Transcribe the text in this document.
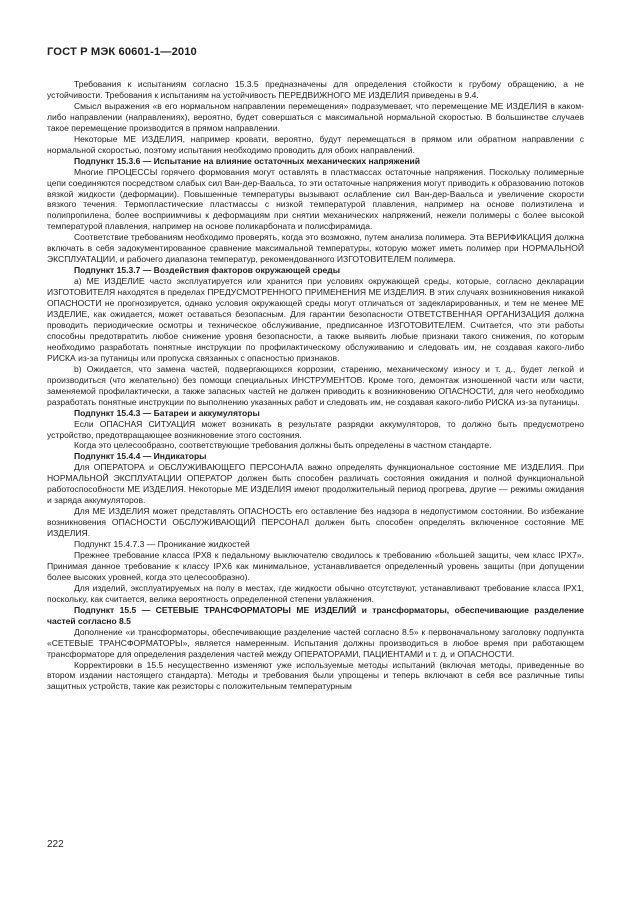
ГОСТ Р МЭК 60601-1—2010

Требования к испытаниям согласно 15.3.5 предназначены для определения стойкости к грубому обращению, а не устойчивости. Требования к испытаниям на устойчивость ПЕРЕДВИЖНОГО МЕ ИЗДЕЛИЯ приведены в 9.4.

Смысл выражения «в его нормальном направлении перемещения» подразумевает, что перемещение МЕ ИЗДЕЛИЯ в каком-либо направлении (направлениях), вероятно, будет совершаться с максимальной нормальной скоростью. В большинстве случаев такое перемещение производится в прямом направлении.

Некоторые МЕ ИЗДЕЛИЯ, например кровати, вероятно, будут перемещаться в прямом или обратном направлении с нормальной скоростью, поэтому испытания необходимо проводить для обоих направлений.

Подпункт 15.3.6 — Испытание на влияние остаточных механических напряжений

Многие ПРОЦЕССЫ горячего формования могут оставлять в пластмассах остаточные напряжения. Поскольку полимерные цепи соединяются посредством слабых сил Ван-дер-Ваальса, то эти остаточные напряжения могут приводить к образованию потоков вязкой жидкости (деформации). Повышенные температуры вызывают ослабление сил Ван-дер-Ваальса и увеличение скорости вязкого течения. Термопластические пластмассы с низкой температурой плавления, например на основе полиэтилена и полипропилена, более восприимчивы к деформациям при снятии механических напряжений, нежели полимеры с более высокой температурой плавления, например на основе поликарбоната и полисфирамида.

Соответствие требованиям необходимо проверять, когда это возможно, путем анализа полимера. Эта ВЕРИФИКАЦИЯ должна включать в себя задокументированное сравнение максимальной температуры, которую может иметь полимер при НОРМАЛЬНОЙ ЭКСПЛУАТАЦИИ, и рабочего диапазона температур, рекомендованного ИЗГОТОВИТЕЛЕМ полимера.

Подпункт 15.3.7 — Воздействия факторов окружающей среды

a) МЕ ИЗДЕЛИЕ часто эксплуатируется или хранится при условиях окружающей среды, которые, согласно декларации ИЗГОТОВИТЕЛЯ находятся в пределах ПРЕДУСМОТРЕННОГО ПРИМЕНЕНИЯ МЕ ИЗДЕЛИЯ. В этих случаях возникновения никакой ОПАСНОСТИ не прогнозируется, однако условия окружающей среды могут отличаться от задекларированных, и тем не менее МЕ ИЗДЕЛИЕ, как ожидается, может оставаться безопасным. Для гарантии безопасности ОТВЕТСТВЕННАЯ ОРГАНИЗАЦИЯ должна проводить периодические осмотры и техническое обслуживание, предписанное ИЗГОТОВИТЕЛЕМ. Считается, что эти работы способны предотвратить любое снижение уровня безопасности, а также выявить любые признаки такого снижения, по которым необходимо разработать понятные инструкции по профилактическому обслуживанию и следовать им, не создавая какого-либо РИСКА из-за путаницы или пропуска связанных с опасностью признаков.

b) Ожидается, что замена частей, подвергающихся коррозии, старению, механическому износу и т. д., будет легкой и производиться (что желательно) без помощи специальных ИНСТРУМЕНТОВ. Кроме того, демонтаж изношенной части или части, заменяемой профилактически, а также запасных частей не должен приводить к возникновению ОПАСНОСТИ, для чего необходимо разработать понятные инструкции по выполнению указанных работ и следовать им, не создавая какого-либо РИСКА из-за путаницы.

Подпункт 15.4.3 — Батареи и аккумуляторы

Если ОПАСНАЯ СИТУАЦИЯ может возникать в результате разрядки аккумуляторов, то должно быть предусмотрено устройство, предотвращающее возникновение этого состояния.

Когда это целесообразно, соответствующие требования должны быть определены в частном стандарте.

Подпункт 15.4.4 — Индикаторы

Для ОПЕРАТОРА и ОБСЛУЖИВАЮЩЕГО ПЕРСОНАЛА важно определять функциональное состояние МЕ ИЗДЕЛИЯ. При НОРМАЛЬНОЙ ЭКСПЛУАТАЦИИ ОПЕРАТОР должен быть способен различать состояния ожидания и полной функциональной работоспособности МЕ ИЗДЕЛИЯ. Некоторые МЕ ИЗДЕЛИЯ имеют продолжительный период прогрева, другие — режимы ожидания и заряда аккумуляторов.

Для МЕ ИЗДЕЛИЯ может представлять ОПАСНОСТЬ его оставление без надзора в недопустимом состоянии. Во избежание возникновения ОПАСНОСТИ ОБСЛУЖИВАЮЩИЙ ПЕРСОНАЛ должен быть способен определять включенное состояние МЕ ИЗДЕЛИЯ.

Подпункт 15.4.7.3 — Проникание жидкостей

Прежнее требование класса IPX8 к педальному выключателю сводилось к требованию «большей защиты, чем класс IPX7». Принимая данное требование к классу IPX6 как минимальное, устанавливается определенный уровень защиты (при допущении более высоких уровней, когда это целесообразно).

Для изделий, эксплуатируемых на полу в местах, где жидкости обычно отсутствуют, устанавливают требование класса IPX1, поскольку, как считается, велика вероятность определенной степени увлажнения.

Подпункт 15.5 — СЕТЕВЫЕ ТРАНСФОРМАТОРЫ МЕ ИЗДЕЛИЙ и трансформаторы, обеспечивающие разделение частей согласно 8.5

Дополнение «и трансформаторы, обеспечивающие разделение частей согласно 8.5» к первоначальному заголовку подпункта «СЕТЕВЫЕ ТРАНСФОРМАТОРЫ», является намеренным. Испытания должны производиться в любое время при работающем трансформаторе для определения разделения частей между ОПЕРАТОРАМИ, ПАЦИЕНТАМИ и т. д. и ОПАСНОСТИ.

Корректировки в 15.5 несущественно изменяют уже используемые методы испытаний (включая методы, приведенные во втором издании настоящего стандарта). Методы и требования были упрощены и теперь включают в себя все различные типы защитных устройств, такие как резисторы с положительным температурным

222
